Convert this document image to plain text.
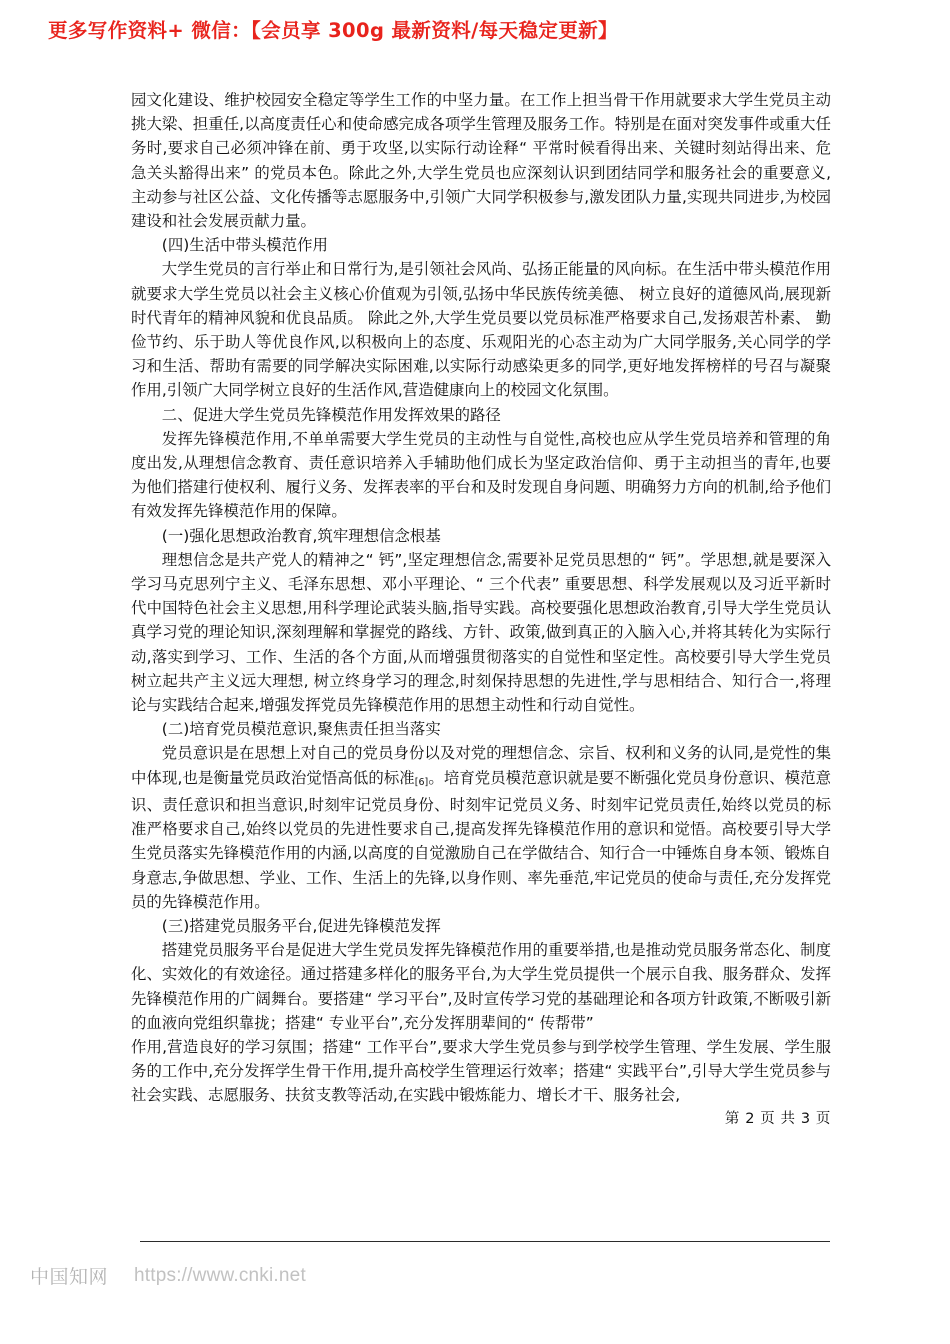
更多写作资料+ 微信：【会员享 300g 最新资料/每天稳定更新】

园文化建设、维护校园安全稳定等学生工作的中坚力量。在工作上担当骨干作用就要求大学生党员主动挑大梁、担重任,以高度责任心和使命感完成各项学生管理及服务工作。特别是在面对突发事件或重大任务时,要求自己必须冲锋在前、勇于攻坚,以实际行动诠释“ 平常时候看得出来、关键时刻站得出来、危急关头豁得出来” 的党员本色。除此之外,大学生党员也应深刻认识到团结同学和服务社会的重要意义,主动参与社区公益、文化传播等志愿服务中,引领广大同学积极参与,激发团队力量,实现共同进步,为校园建设和社会发展贡献力量。

(四)生活中带头模范作用

大学生党员的言行举止和日常行为,是引领社会风尚、弘扬正能量的风向标。在生活中带头模范作用就要求大学生党员以社会主义核心价值观为引领,弘扬中华民族传统美德、 树立良好的道德风尚,展现新时代青年的精神风貌和优良品质。 除此之外,大学生党员要以党员标准严格要求自己,发扬艰苦朴素、 勤俭节约、乐于助人等优良作风,以积极向上的态度、乐观阳光的心态主动为广大同学服务,关心同学的学习和生活、帮助有需要的同学解决实际困难,以实际行动感染更多的同学,更好地发挥榜样的号召与凝聚作用,引领广大同学树立良好的生活作风,营造健康向上的校园文化氛围。

二、促进大学生党员先锋模范作用发挥效果的路径

发挥先锋模范作用,不单单需要大学生党员的主动性与自觉性,高校也应从学生党员培养和管理的角度出发,从理想信念教育、责任意识培养入手辅助他们成长为坚定政治信仰、勇于主动担当的青年,也要为他们搭建行使权利、履行义务、发挥表率的平台和及时发现自身问题、明确努力方向的机制,给予他们有效发挥先锋模范作用的保障。

(一)强化思想政治教育,筑牢理想信念根基

理想信念是共产党人的精神之“ 钙”,坚定理想信念,需要补足党员思想的“ 钙”。学思想,就是要深入学习马克思列宁主义、毛泽东思想、邓小平理论、“ 三个代表” 重要思想、科学发展观以及习近平新时代中国特色社会主义思想,用科学理论武装头脑,指导实践。高校要强化思想政治教育,引导大学生党员认真学习党的理论知识,深刻理解和掌握党的路线、方针、政策,做到真正的入脑入心,并将其转化为实际行动,落实到学习、工作、生活的各个方面,从而增强贯彻落实的自觉性和坚定性。高校要引导大学生党员树立起共产主义远大理想, 树立终身学习的理念,时刻保持思想的先进性,学与思相结合、知行合一,将理论与实践结合起来,增强发挥党员先锋模范作用的思想主动性和行动自觉性。

(二)培育党员模范意识,聚焦责任担当落实

党员意识是在思想上对自己的党员身份以及对党的理想信念、宗旨、权利和义务的认同,是党性的集中体现,也是衡量党员政治觉悟高低的标准[6]。培育党员模范意识就是要不断强化党员身份意识、模范意识、责任意识和担当意识,时刻牢记党员身份、时刻牢记党员义务、时刻牢记党员责任,始终以党员的标准严格要求自己,始终以党员的先进性要求自己,提高发挥先锋模范作用的意识和觉悟。高校要引导大学生党员落实先锋模范作用的内涵,以高度的自觉激励自己在学做结合、知行合一中锤炼自身本领、锻炼自身意志,争做思想、学业、工作、生活上的先锋,以身作则、率先垂范,牢记党员的使命与责任,充分发挥党员的先锋模范作用。

(三)搭建党员服务平台,促进先锋模范发挥

搭建党员服务平台是促进大学生党员发挥先锋模范作用的重要举措,也是推动党员服务常态化、制度化、实效化的有效途径。通过搭建多样化的服务平台,为大学生党员提供一个展示自我、服务群众、发挥先锋模范作用的广阔舞台。要搭建“ 学习平台”,及时宣传学习党的基础理论和各项方针政策,不断吸引新的血液向党组织靠拢；搭建“ 专业平台”,充分发挥朋辈间的“ 传帮带”

作用,营造良好的学习氛围；搭建“ 工作平台”,要求大学生党员参与到学校学生管理、学生发展、学生服务的工作中,充分发挥学生骨干作用,提升高校学生管理运行效率；搭建“ 实践平台”,引导大学生党员参与社会实践、志愿服务、扶贫支教等活动,在实践中锻炼能力、增长才干、服务社会,

第 2 页 共 3 页
中国知网 https://www.cnki.net
